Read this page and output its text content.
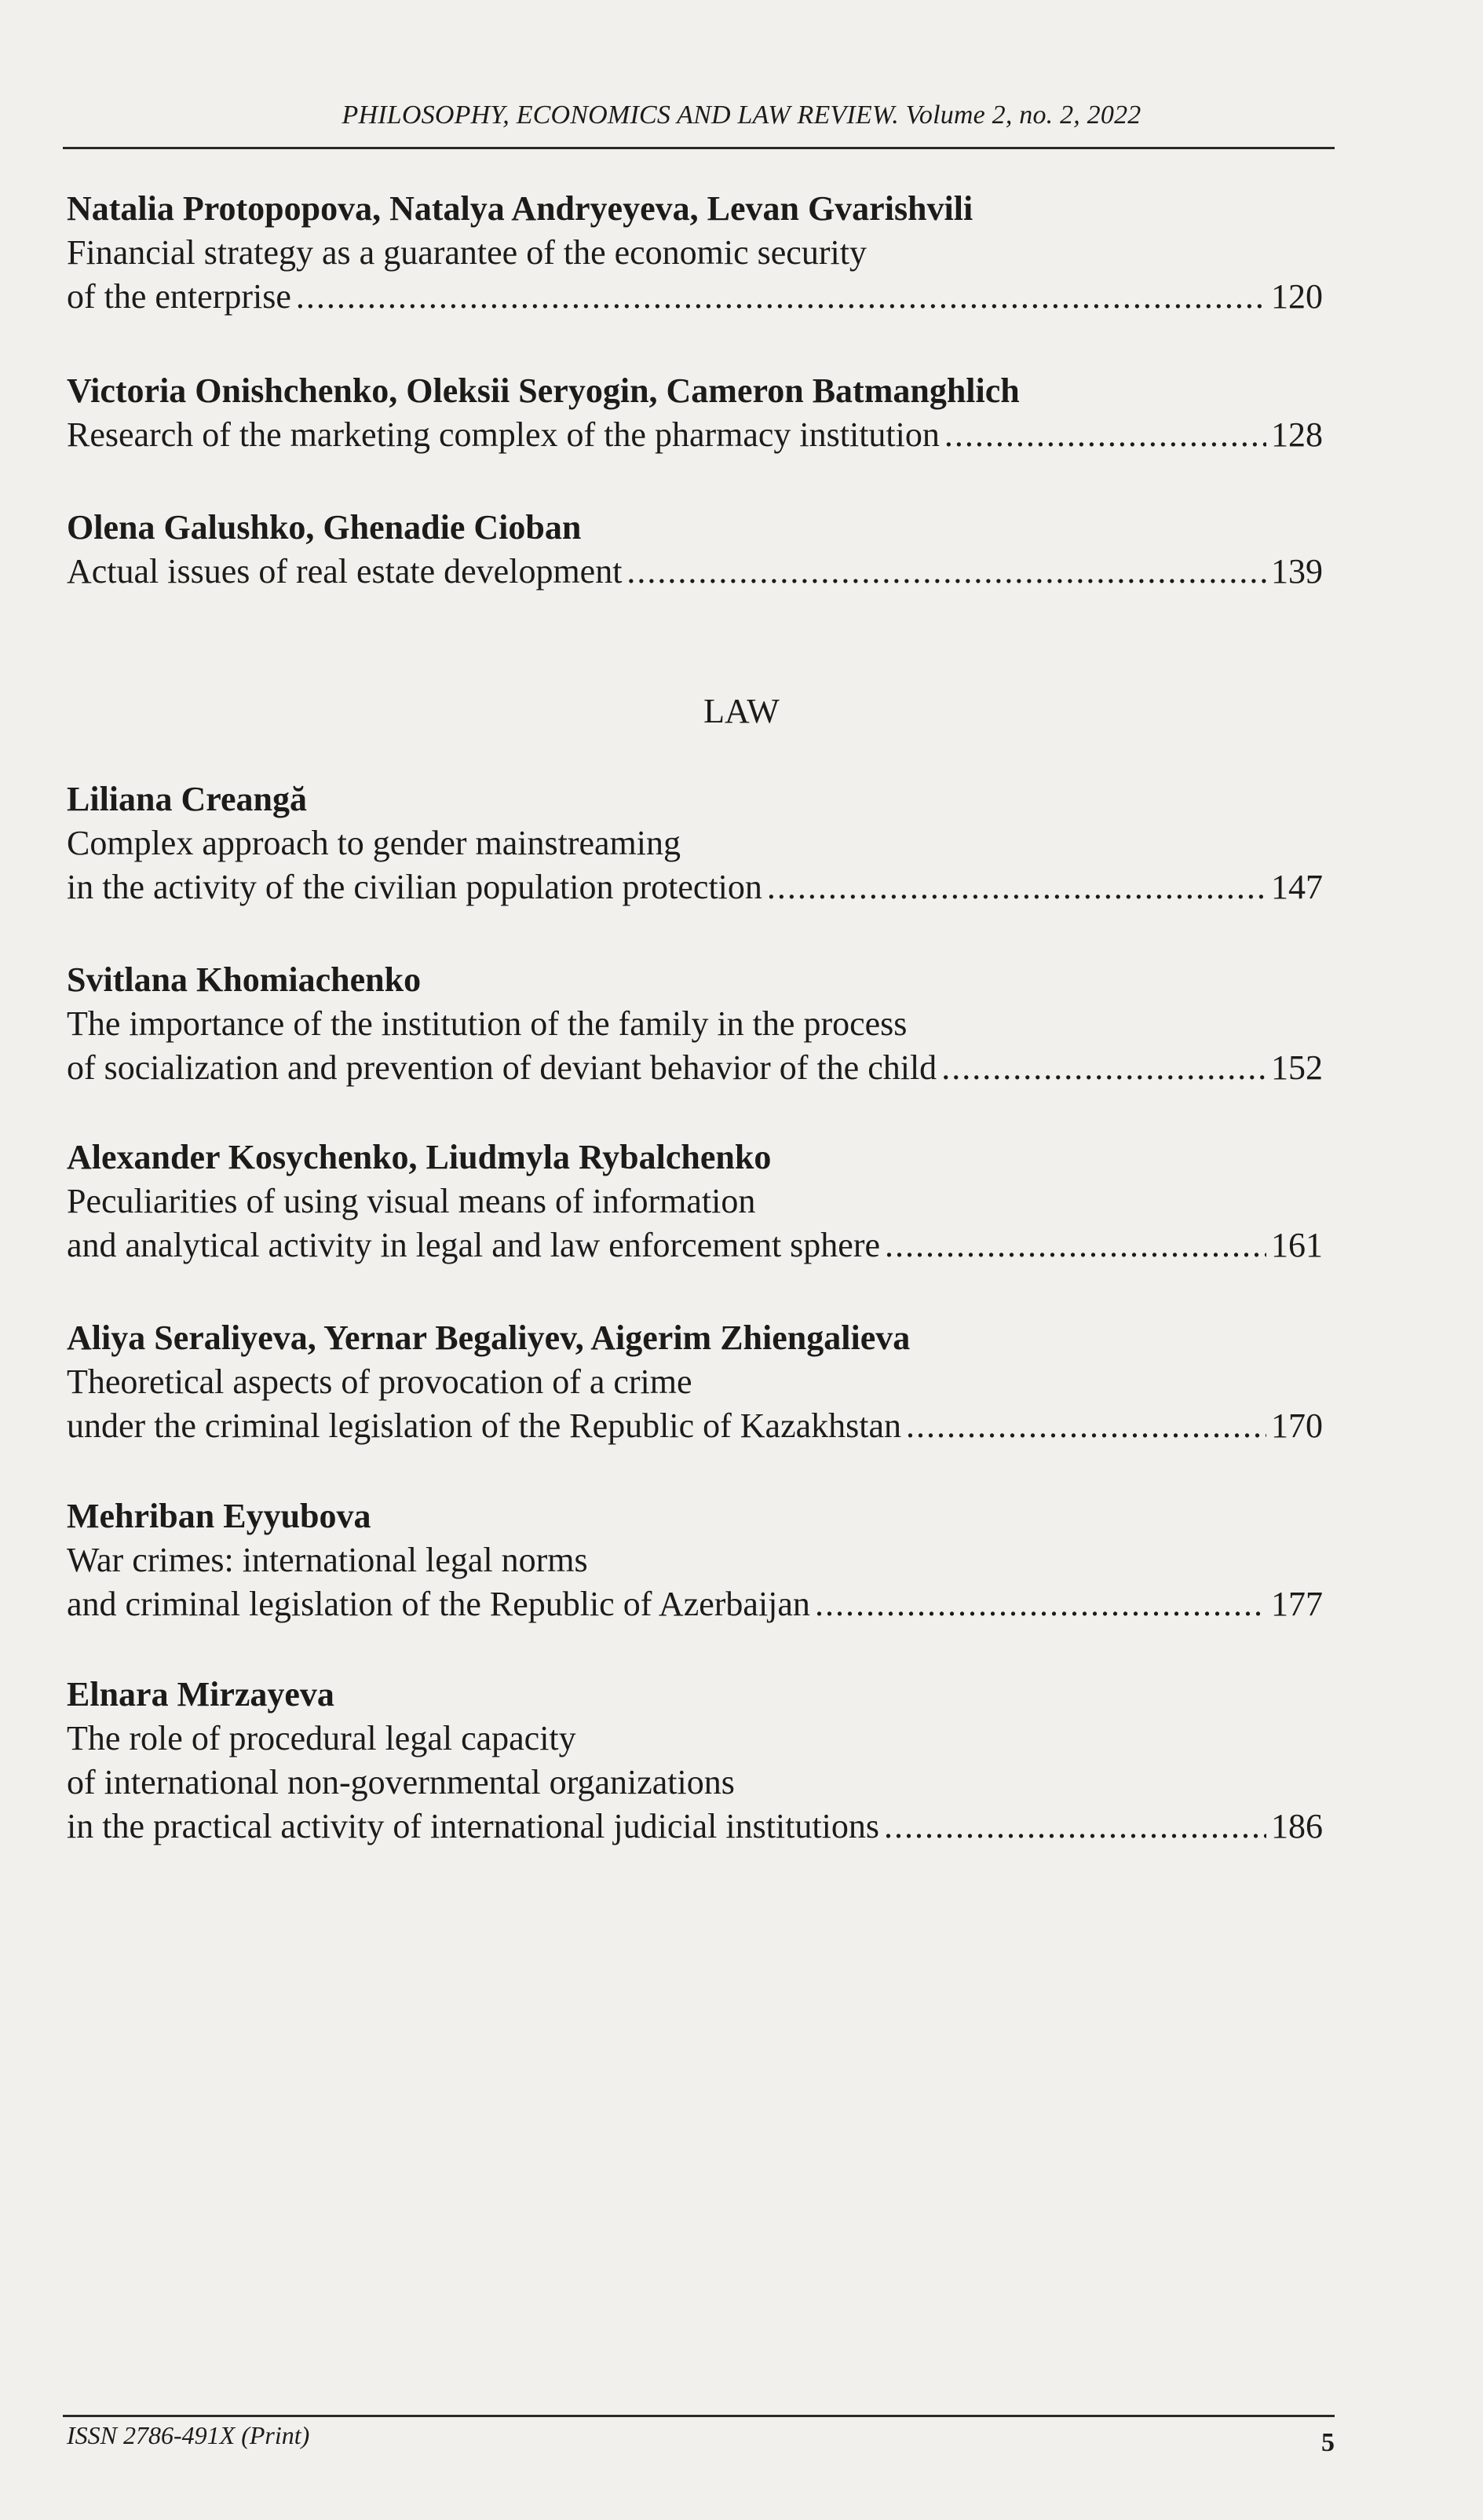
PHILOSOPHY, ECONOMICS AND LAW REVIEW. Volume 2, no. 2, 2022
Natalia Protopopova, Natalya Andryeyeva, Levan Gvarishvili
Financial strategy as a guarantee of the economic security
of the enterprise .....	120
Victoria Onishchenko, Oleksii Seryogin, Cameron Batmanghlich
Research of the marketing complex of the pharmacy institution .....	128
Olena Galushko, Ghenadie Cioban
Actual issues of real estate development .....	139
LAW
Liliana Creangă
Complex approach to gender mainstreaming
in the activity of the civilian population protection .....	147
Svitlana Khomiachenko
The importance of the institution of the family in the process
of socialization and prevention of deviant behavior of the child .....	152
Alexander Kosychenko, Liudmyla Rybalchenko
Peculiarities of using visual means of information
and analytical activity in legal and law enforcement sphere .....	161
Aliya Seraliyeva, Yernar Begaliyev, Aigerim Zhiengalieva
Theoretical aspects of provocation of a crime
under the criminal legislation of the Republic of Kazakhstan .....	170
Mehriban Eyyubova
War crimes: international legal norms
and criminal legislation of the Republic of Azerbaijan .....	177
Elnara Mirzayeva
The role of procedural legal capacity
of international non-governmental organizations
in the practical activity of international judicial institutions .....	186
ISSN 2786-491X (Print)	5
